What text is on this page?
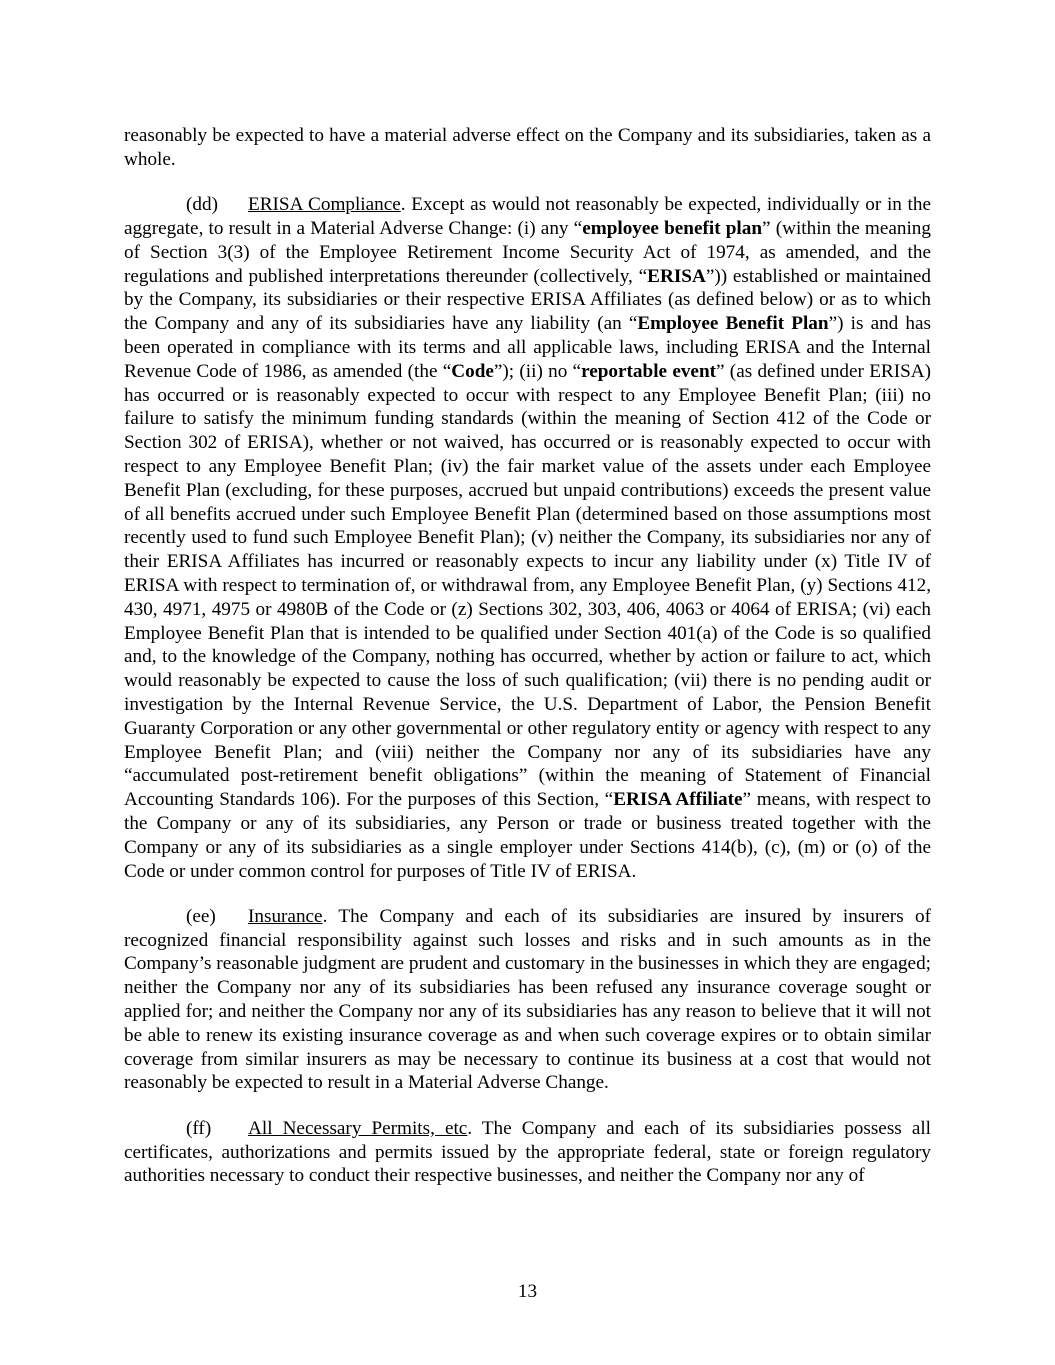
reasonably be expected to have a material adverse effect on the Company and its subsidiaries, taken as a whole.

(dd) ERISA Compliance. Except as would not reasonably be expected, individually or in the aggregate, to result in a Material Adverse Change: (i) any “employee benefit plan” (within the meaning of Section 3(3) of the Employee Retirement Income Security Act of 1974, as amended, and the regulations and published interpretations thereunder (collectively, “ERISA”)) established or maintained by the Company, its subsidiaries or their respective ERISA Affiliates (as defined below) or as to which the Company and any of its subsidiaries have any liability (an “Employee Benefit Plan”) is and has been operated in compliance with its terms and all applicable laws, including ERISA and the Internal Revenue Code of 1986, as amended (the “Code”); (ii) no “reportable event” (as defined under ERISA) has occurred or is reasonably expected to occur with respect to any Employee Benefit Plan; (iii) no failure to satisfy the minimum funding standards (within the meaning of Section 412 of the Code or Section 302 of ERISA), whether or not waived, has occurred or is reasonably expected to occur with respect to any Employee Benefit Plan; (iv) the fair market value of the assets under each Employee Benefit Plan (excluding, for these purposes, accrued but unpaid contributions) exceeds the present value of all benefits accrued under such Employee Benefit Plan (determined based on those assumptions most recently used to fund such Employee Benefit Plan); (v) neither the Company, its subsidiaries nor any of their ERISA Affiliates has incurred or reasonably expects to incur any liability under (x) Title IV of ERISA with respect to termination of, or withdrawal from, any Employee Benefit Plan, (y) Sections 412, 430, 4971, 4975 or 4980B of the Code or (z) Sections 302, 303, 406, 4063 or 4064 of ERISA; (vi) each Employee Benefit Plan that is intended to be qualified under Section 401(a) of the Code is so qualified and, to the knowledge of the Company, nothing has occurred, whether by action or failure to act, which would reasonably be expected to cause the loss of such qualification; (vii) there is no pending audit or investigation by the Internal Revenue Service, the U.S. Department of Labor, the Pension Benefit Guaranty Corporation or any other governmental or other regulatory entity or agency with respect to any Employee Benefit Plan; and (viii) neither the Company nor any of its subsidiaries have any “accumulated post-retirement benefit obligations” (within the meaning of Statement of Financial Accounting Standards 106). For the purposes of this Section, “ERISA Affiliate” means, with respect to the Company or any of its subsidiaries, any Person or trade or business treated together with the Company or any of its subsidiaries as a single employer under Sections 414(b), (c), (m) or (o) of the Code or under common control for purposes of Title IV of ERISA.

(ee) Insurance. The Company and each of its subsidiaries are insured by insurers of recognized financial responsibility against such losses and risks and in such amounts as in the Company’s reasonable judgment are prudent and customary in the businesses in which they are engaged; neither the Company nor any of its subsidiaries has been refused any insurance coverage sought or applied for; and neither the Company nor any of its subsidiaries has any reason to believe that it will not be able to renew its existing insurance coverage as and when such coverage expires or to obtain similar coverage from similar insurers as may be necessary to continue its business at a cost that would not reasonably be expected to result in a Material Adverse Change.

(ff) All Necessary Permits, etc. The Company and each of its subsidiaries possess all certificates, authorizations and permits issued by the appropriate federal, state or foreign regulatory authorities necessary to conduct their respective businesses, and neither the Company nor any of

13
